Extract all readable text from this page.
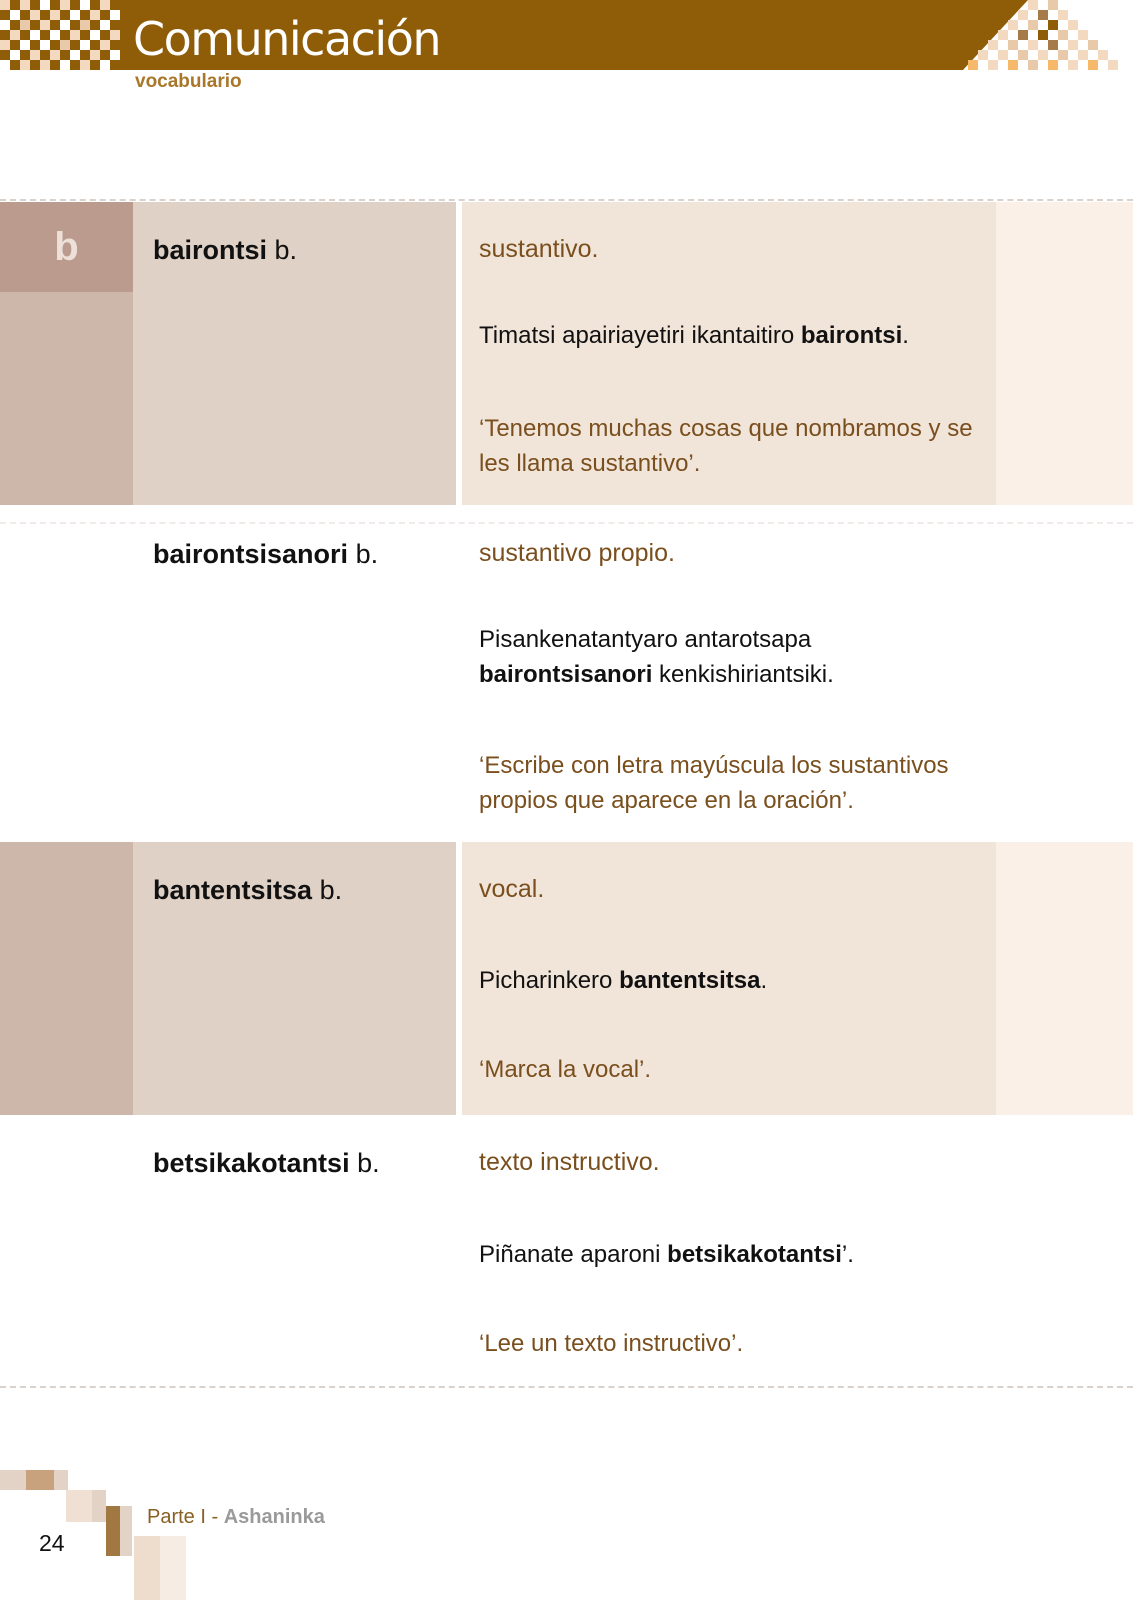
Comunicación
vocabulario
b	bairontsi b.	sustantivo.
Timatsi apairiayetiri ikantaitiro bairontsi.
‘Tenemos muchas cosas que nombramos y se les llama sustantivo’.
bairontsisanori b.	sustantivo propio.
Pisankenatantyaro antarotsapa
bairontsisanori kenkishiriantsiki.
‘Escribe con letra mayúscula los sustantivos propios que aparece en la oración’.
bantentsitsa b.	vocal.
Picharinkero bantentsitsa.
‘Marca la vocal’.
betsikakotantsi b.	texto instructivo.
Piñanate aparoni betsikakotantsi’.
‘Lee un texto instructivo’.
24
Parte I - Ashaninka
